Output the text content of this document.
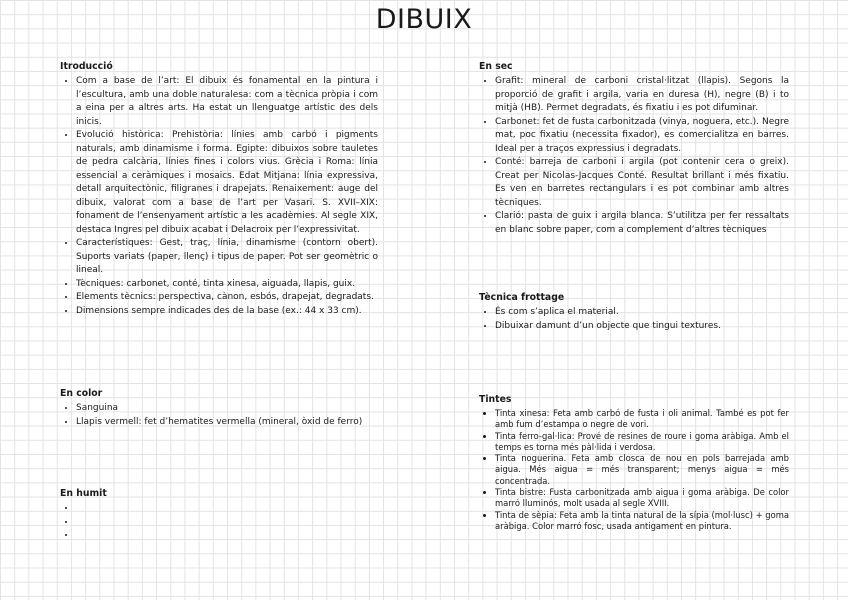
DIBUIX
Itroducció
• Com a base de l’art: El dibuix és fonamental en la pintura i l’escultura, amb una doble naturalesa: com a tècnica pròpia i com a eina per a altres arts. Ha estat un llenguatge artístic des dels inicis.
• Evolució històrica: Prehistòria: línies amb carbó i pigments naturals, amb dinamisme i forma. Egipte: dibuixos sobre tauletes de pedra calcària, línies fines i colors vius. Grècia i Roma: línia essencial a ceràmiques i mosaics. Edat Mitjana: línia expressiva, detall arquitectònic, filigranes i drapejats. Renaixement: auge del dibuix, valorat com a base de l’art per Vasari. S. XVII–XIX: fonament de l’ensenyament artístic a les acadèmies. Al segle XIX, destaca Ingres pel dibuix acabat i Delacroix per l’expressivitat.
• Característiques: Gest, traç, línia, dinamisme (contorn obert). Suports variats (paper, llenç) i tipus de paper. Pot ser geomètric o lineal.
• Tècniques: carbonet, conté, tinta xinesa, aiguada, llapis, guix.
• Elements tècnics: perspectiva, cànon, esbós, drapejat, degradats.
• Dimensions sempre indicades des de la base (ex.: 44 x 33 cm).
En color
• Sanguina
• Llapis vermell: fet d’hematites vermella (mineral, òxid de ferro)
En humit
•
•
•
En sec
• Grafit: mineral de carboni cristal·litzat (llapis). Segons la proporció de grafit i argila, varia en duresa (H), negre (B) i to mitjà (HB). Permet degradats, és fixatiu i es pot difuminar.
• Carbonet: fet de fusta carbonitzada (vinya, noguera, etc.). Negre mat, poc fixatiu (necessita fixador), es comercialitza en barres. Ideal per a traços expressius i degradats.
• Conté: barreja de carboni i argila (pot contenir cera o greix). Creat per Nicolas-Jacques Conté. Resultat brillant i més fixatiu. Es ven en barretes rectangulars i es pot combinar amb altres tècniques.
• Clarió: pasta de guix i argila blanca. S’utilitza per fer ressaltats en blanc sobre paper, com a complement d’altres tècniques
Tècnica frottage
• És com s’aplica el material.
• Dibuixar damunt d’un objecte que tingui textures.
Tintes
• Tinta xinesa: Feta amb carbó de fusta i oli animal. També es pot fer amb fum d’estampa o negre de vori.
• Tinta ferro-gal·lica: Prové de resines de roure i goma aràbiga. Amb el temps es torna més pàl·lida i verdosa.
• Tinta noguerina. Feta amb closca de nou en pols barrejada amb aigua. Més aigua = més transparent; menys aigua = més concentrada.
• Tinta bistre: Fusta carbonitzada amb aigua i goma aràbiga. De color marró lluminós, molt usada al segle XVIII.
• Tinta de sèpia: Feta amb la tinta natural de la sípia (mol·lusc) + goma aràbiga. Color marró fosc, usada antigament en pintura.
